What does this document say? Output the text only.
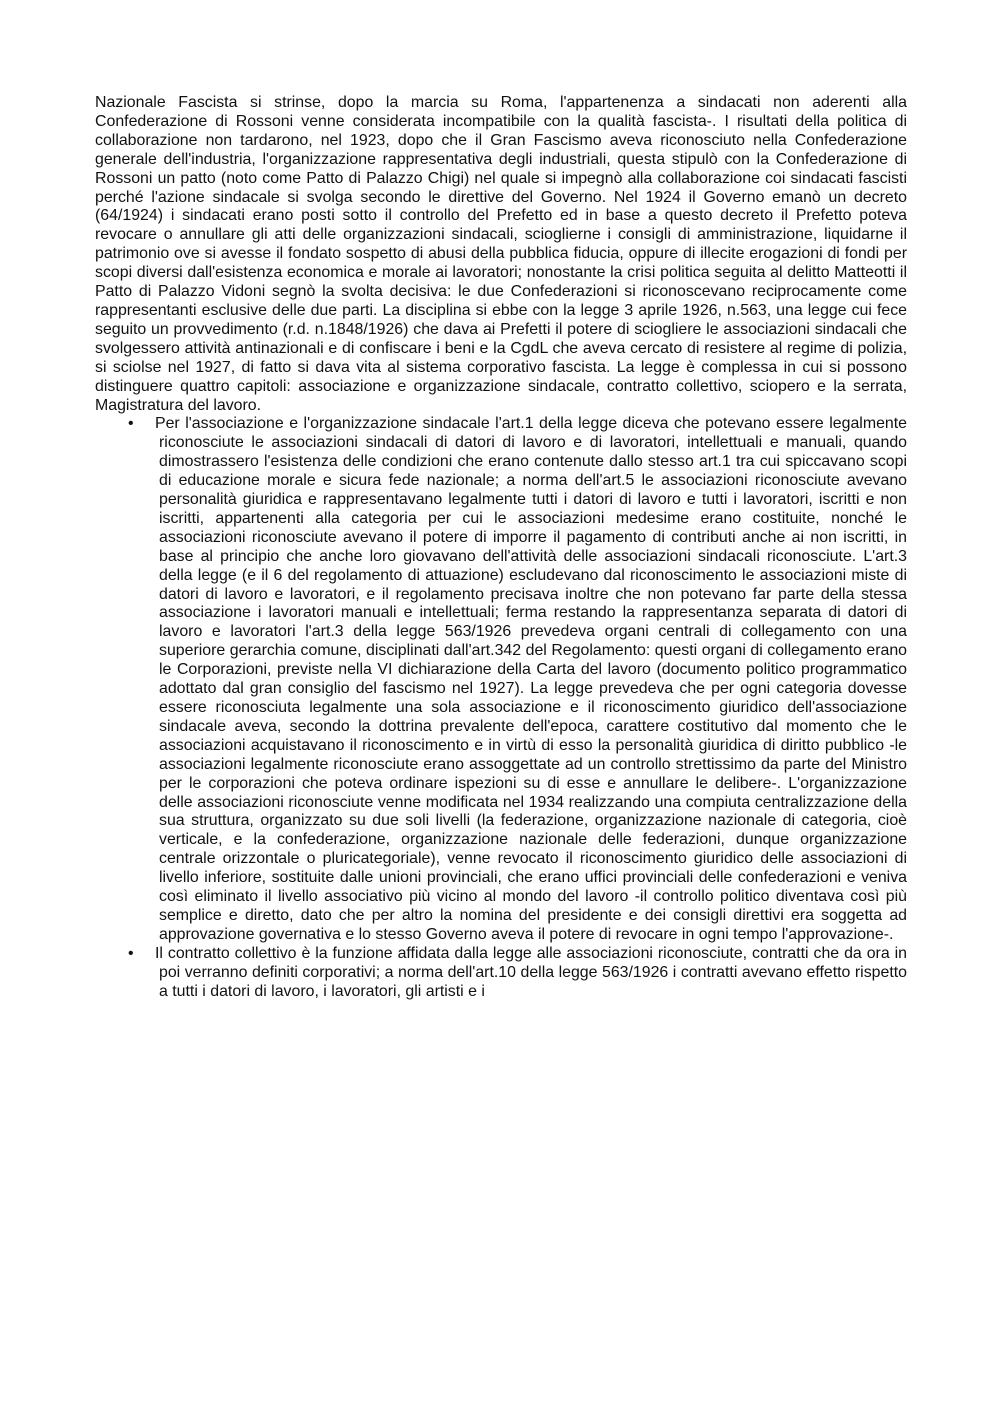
Nazionale Fascista si strinse, dopo la marcia su Roma, l'appartenenza a sindacati non aderenti alla Confederazione di Rossoni venne considerata incompatibile con la qualità fascista-. I risultati della politica di collaborazione non tardarono, nel 1923, dopo che il Gran Fascismo aveva riconosciuto nella Confederazione generale dell'industria, l'organizzazione rappresentativa degli industriali, questa stipulò con la Confederazione di Rossoni un patto (noto come Patto di Palazzo Chigi) nel quale si impegnò alla collaborazione coi sindacati fascisti perché l'azione sindacale si svolga secondo le direttive del Governo. Nel 1924 il Governo emanò un decreto (64/1924) i sindacati erano posti sotto il controllo del Prefetto ed in base a questo decreto il Prefetto poteva revocare o annullare gli atti delle organizzazioni sindacali, scioglierne i consigli di amministrazione, liquidarne il patrimonio ove si avesse il fondato sospetto di abusi della pubblica fiducia, oppure di illecite erogazioni di fondi per scopi diversi dall'esistenza economica e morale ai lavoratori; nonostante la crisi politica seguita al delitto Matteotti il Patto di Palazzo Vidoni segnò la svolta decisiva: le due Confederazioni si riconoscevano reciprocamente come rappresentanti esclusive delle due parti. La disciplina si ebbe con la legge 3 aprile 1926, n.563, una legge cui fece seguito un provvedimento (r.d. n.1848/1926) che dava ai Prefetti il potere di sciogliere le associazioni sindacali che svolgessero attività antinazionali e di confiscare i beni e la CgdL che aveva cercato di resistere al regime di polizia, si sciolse nel 1927, di fatto si dava vita al sistema corporativo fascista. La legge è complessa in cui si possono distinguere quattro capitoli: associazione e organizzazione sindacale, contratto collettivo, sciopero e la serrata, Magistratura del lavoro.

• Per l'associazione e l'organizzazione sindacale l'art.1 della legge diceva che potevano essere legalmente riconosciute le associazioni sindacali di datori di lavoro e di lavoratori, intellettuali e manuali, quando dimostrassero l'esistenza delle condizioni che erano contenute dallo stesso art.1 tra cui spiccavano scopi di educazione morale e sicura fede nazionale; a norma dell'art.5 le associazioni riconosciute avevano personalità giuridica e rappresentavano legalmente tutti i datori di lavoro e tutti i lavoratori, iscritti e non iscritti, appartenenti alla categoria per cui le associazioni medesime erano costituite, nonché le associazioni riconosciute avevano il potere di imporre il pagamento di contributi anche ai non iscritti, in base al principio che anche loro giovavano dell'attività delle associazioni sindacali riconosciute. L'art.3 della legge (e il 6 del regolamento di attuazione) escludevano dal riconoscimento le associazioni miste di datori di lavoro e lavoratori, e il regolamento precisava inoltre che non potevano far parte della stessa associazione i lavoratori manuali e intellettuali; ferma restando la rappresentanza separata di datori di lavoro e lavoratori l'art.3 della legge 563/1926 prevedeva organi centrali di collegamento con una superiore gerarchia comune, disciplinati dall'art.342 del Regolamento: questi organi di collegamento erano le Corporazioni, previste nella VI dichiarazione della Carta del lavoro (documento politico programmatico adottato dal gran consiglio del fascismo nel 1927). La legge prevedeva che per ogni categoria dovesse essere riconosciuta legalmente una sola associazione e il riconoscimento giuridico dell'associazione sindacale aveva, secondo la dottrina prevalente dell'epoca, carattere costitutivo dal momento che le associazioni acquistavano il riconoscimento e in virtù di esso la personalità giuridica di diritto pubblico -le associazioni legalmente riconosciute erano assoggettate ad un controllo strettissimo da parte del Ministro per le corporazioni che poteva ordinare ispezioni su di esse e annullare le delibere-. L'organizzazione delle associazioni riconosciute venne modificata nel 1934 realizzando una compiuta centralizzazione della sua struttura, organizzato su due soli livelli (la federazione, organizzazione nazionale di categoria, cioè verticale, e la confederazione, organizzazione nazionale delle federazioni, dunque organizzazione centrale orizzontale o pluricategoriale), venne revocato il riconoscimento giuridico delle associazioni di livello inferiore, sostituite dalle unioni provinciali, che erano uffici provinciali delle confederazioni e veniva così eliminato il livello associativo più vicino al mondo del lavoro -il controllo politico diventava così più semplice e diretto, dato che per altro la nomina del presidente e dei consigli direttivi era soggetta ad approvazione governativa e lo stesso Governo aveva il potere di revocare in ogni tempo l'approvazione-.

• Il contratto collettivo è la funzione affidata dalla legge alle associazioni riconosciute, contratti che da ora in poi verranno definiti corporativi; a norma dell'art.10 della legge 563/1926 i contratti avevano effetto rispetto a tutti i datori di lavoro, i lavoratori, gli artisti e i
